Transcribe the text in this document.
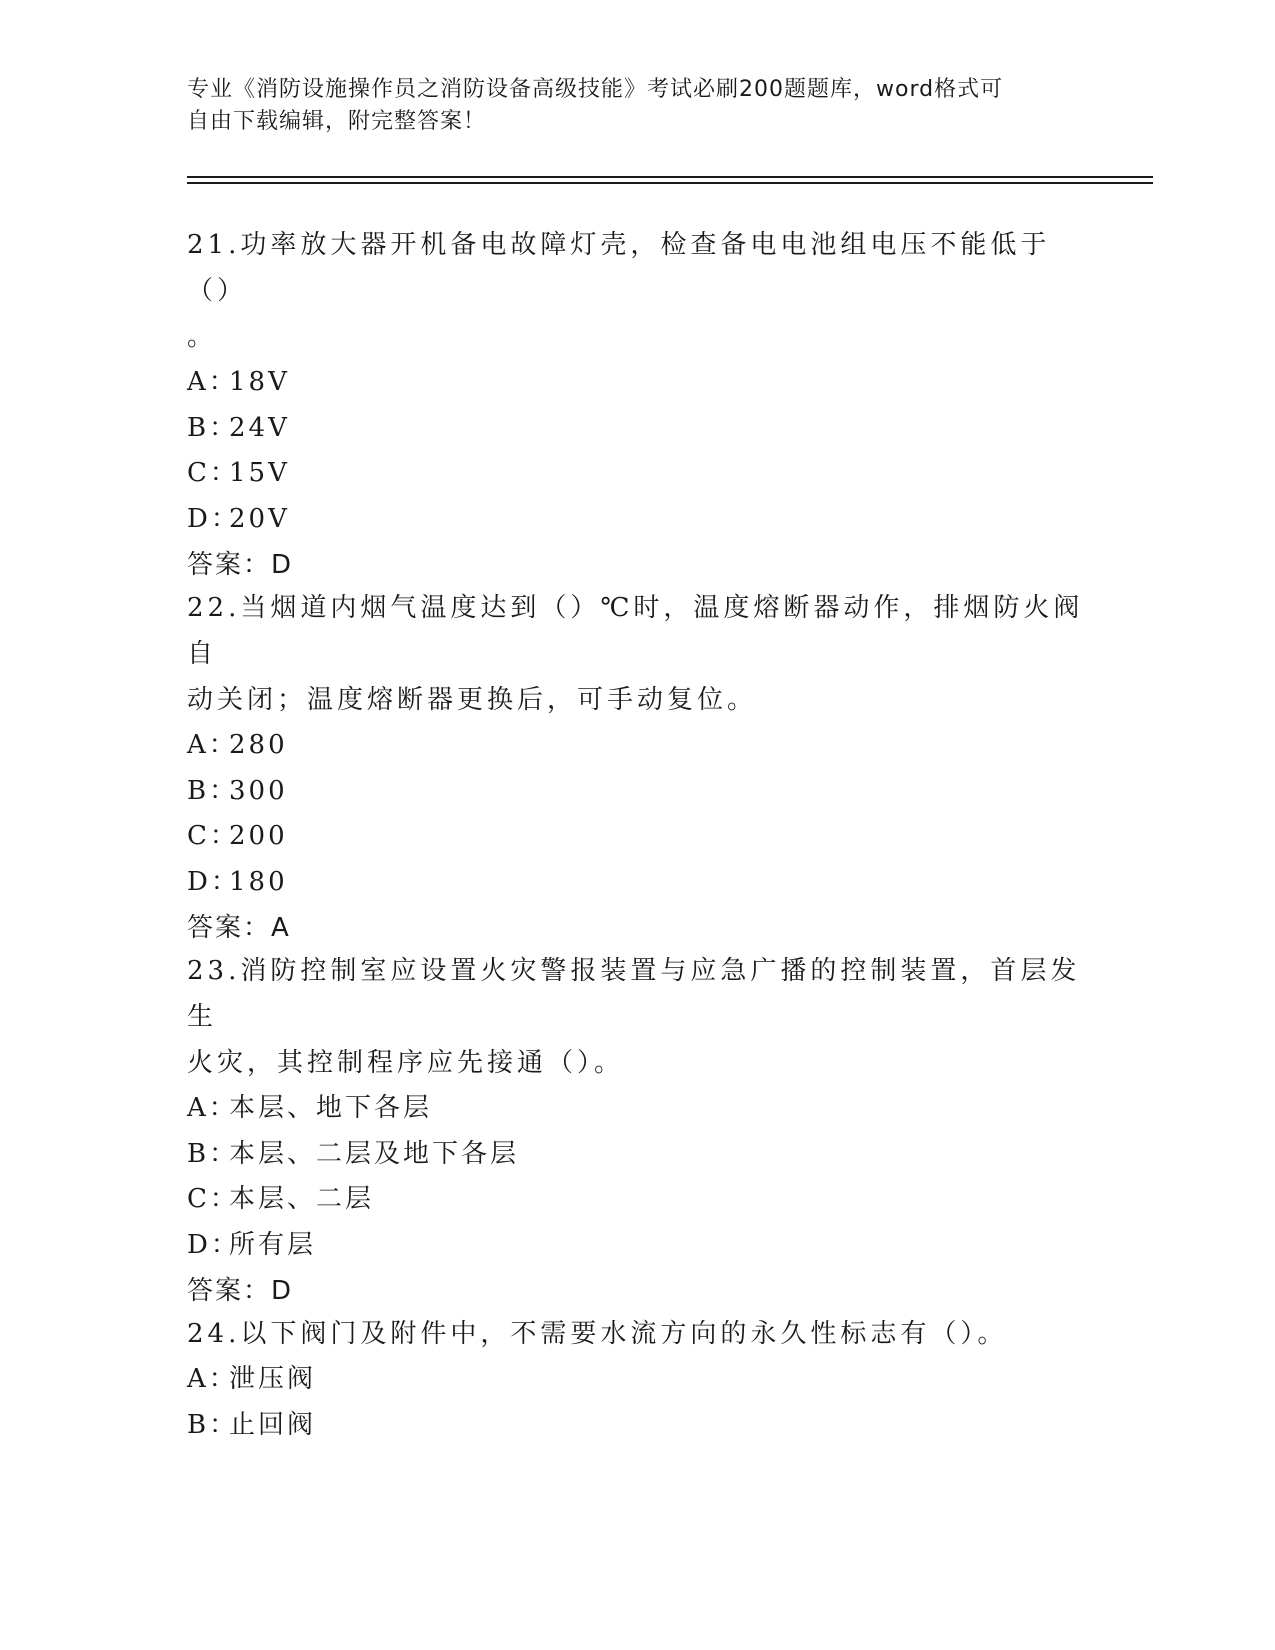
专业《消防设施操作员之消防设备高级技能》考试必刷200题题库，word格式可
自由下载编辑，附完整答案！
21.功率放大器开机备电故障灯壳，检查备电电池组电压不能低于（）
。
A：18V
B：24V
C：15V
D：20V
答案：D
22.当烟道内烟气温度达到（）℃时，温度熔断器动作，排烟防火阀自
动关闭；温度熔断器更换后，可手动复位。
A：280
B：300
C：200
D：180
答案：A
23.消防控制室应设置火灾警报装置与应急广播的控制装置，首层发生
火灾，其控制程序应先接通（）。
A：本层、地下各层
B：本层、二层及地下各层
C：本层、二层
D：所有层
答案：D
24.以下阀门及附件中，不需要水流方向的永久性标志有（）。
A：泄压阀
B：止回阀
